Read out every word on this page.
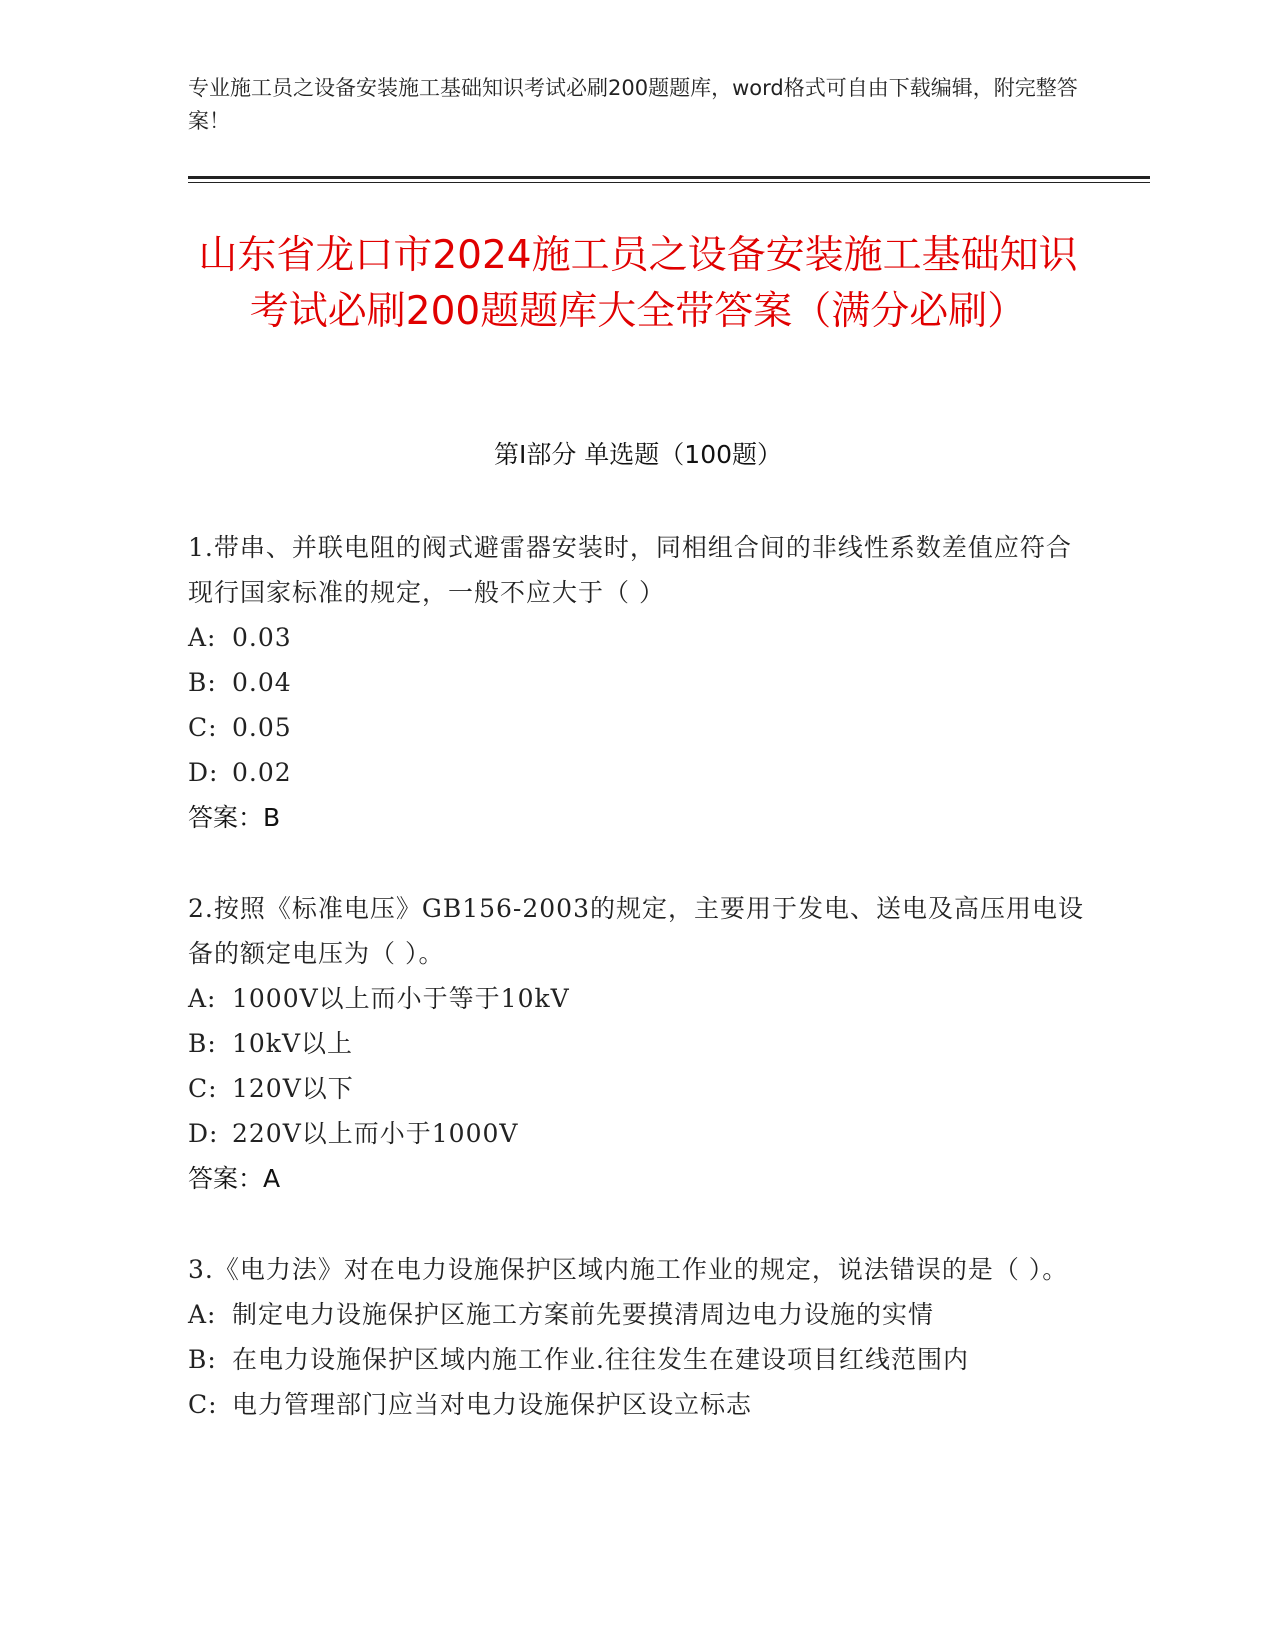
专业施工员之设备安装施工基础知识考试必刷200题题库，word格式可自由下载编辑，附完整答案！
山东省龙口市2024施工员之设备安装施工基础知识考试必刷200题题库大全带答案（满分必刷）
第Ⅰ部分 单选题（100题）
1.带串、并联电阻的阀式避雷器安装时，同相组合间的非线性系数差值应符合现行国家标准的规定，一般不应大于（ ）
A: 0.03
B: 0.04
C: 0.05
D: 0.02
答案：B
2.按照《标准电压》GB156-2003的规定，主要用于发电、送电及高压用电设备的额定电压为（ ）。
A: 1000V以上而小于等于10kV
B: 10kV以上
C: 120V以下
D: 220V以上而小于1000V
答案：A
3.《电力法》对在电力设施保护区域内施工作业的规定，说法错误的是（ ）。
A: 制定电力设施保护区施工方案前先要摸清周边电力设施的实情
B: 在电力设施保护区域内施工作业.往往发生在建设项目红线范围内
C: 电力管理部门应当对电力设施保护区设立标志
